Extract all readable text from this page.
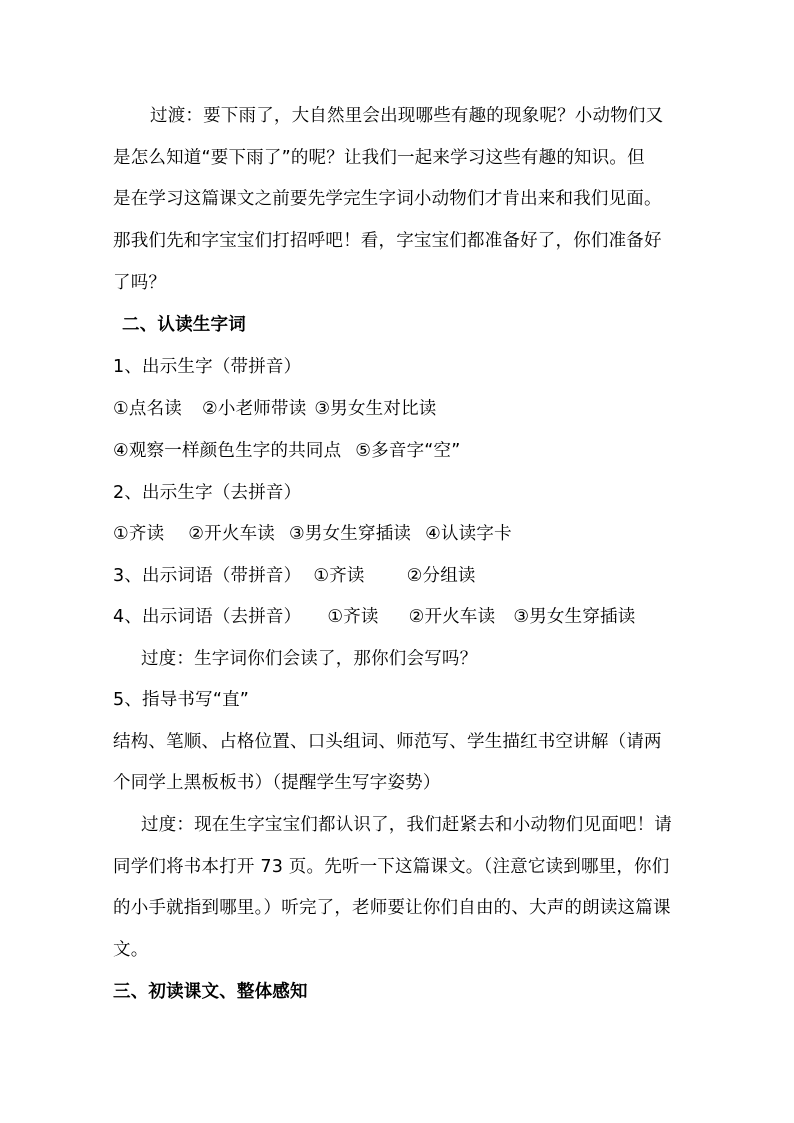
过渡：要下雨了，大自然里会出现哪些有趣的现象呢？小动物们又
是怎么知道“要下雨了”的呢？让我们一起来学习这些有趣的知识。但
是在学习这篇课文之前要先学完生字词小动物们才肯出来和我们见面。
那我们先和字宝宝们打招呼吧！看，字宝宝们都准备好了，你们准备好
了吗？
二、认读生字词
1、出示生字（带拼音）
①点名读 ②小老师带读 ③男女生对比读
④观察一样颜色生字的共同点 ⑤多音字“空”
2、出示生字（去拼音）
①齐读 ②开火车读 ③男女生穿插读 ④认读字卡
3、出示词语（带拼音） ①齐读 ②分组读
4、出示词语（去拼音） ①齐读 ②开火车读 ③男女生穿插读
过度：生字词你们会读了，那你们会写吗？
5、指导书写“直”
结构、笔顺、占格位置、口头组词、师范写、学生描红书空讲解（请两
个同学上黑板板书）（提醒学生写字姿势）
过度：现在生字宝宝们都认识了，我们赶紧去和小动物们见面吧！请
同学们将书本打开 73 页。先听一下这篇课文。（注意它读到哪里，你们
的小手就指到哪里。）听完了，老师要让你们自由的、大声的朗读这篇课
文。
三、初读课文、整体感知
